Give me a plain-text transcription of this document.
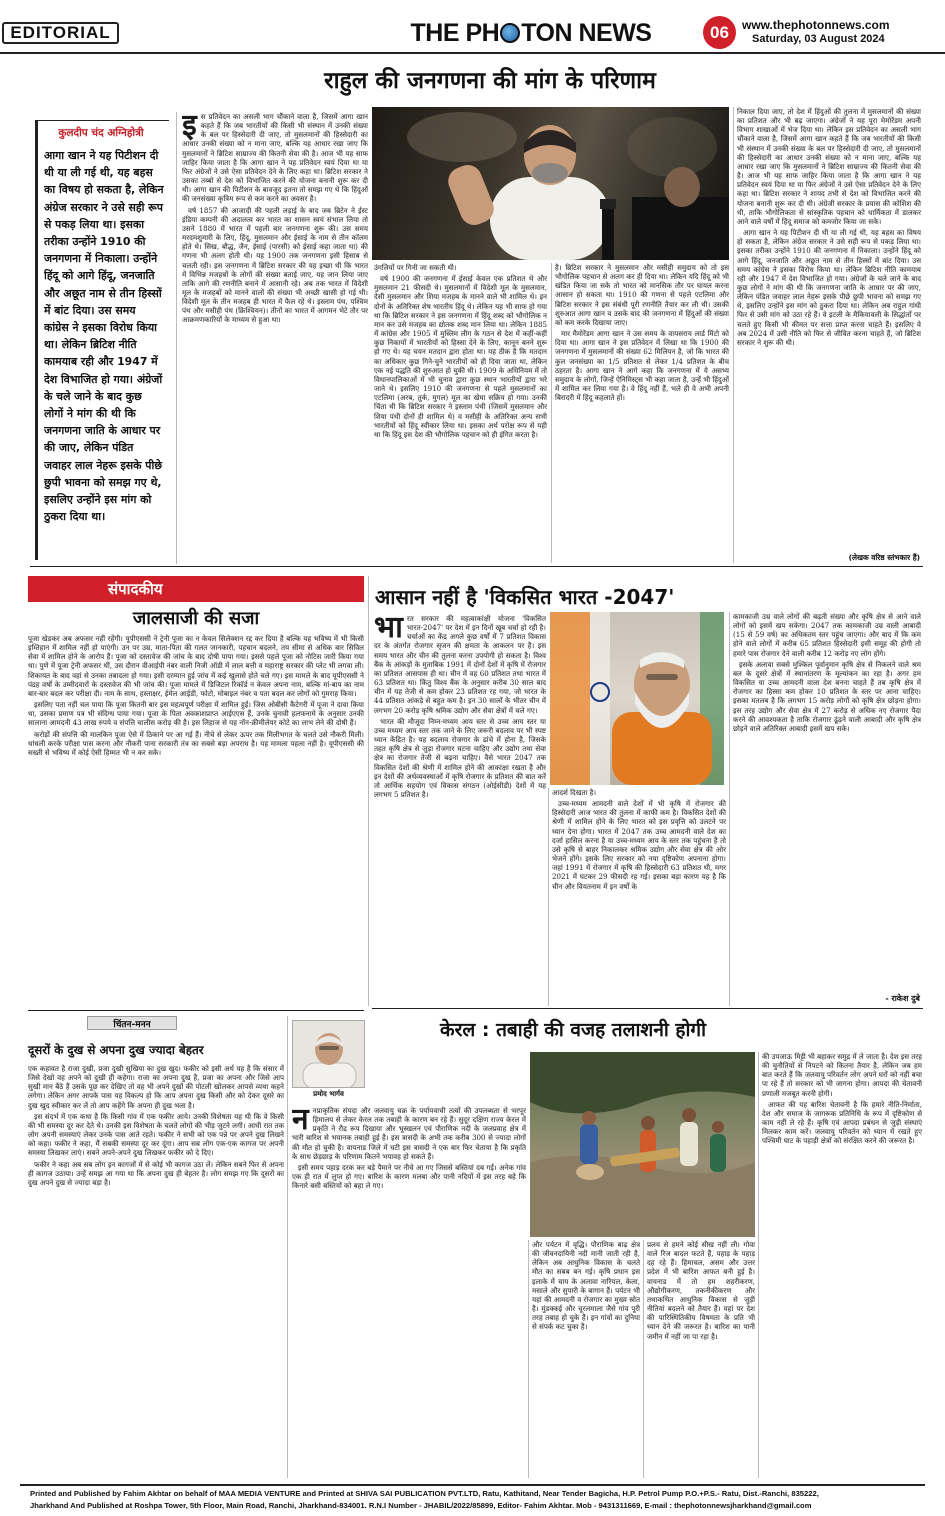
EDITORIAL	THE PH TON NEWS	06 www.thephotonnews.com
Saturday, 03 August 2024
राहुल की जनगणना की मांग के परिणाम
कुलदीप चंद अग्निहोत्री
आगा खान ने यह पिटीशन दी थी या ली गई थी, यह बहस का विषय हो सकता है, लेकिन अंग्रेज सरकार ने उसे सही रूप से पकड़ लिया था। इसका तरीका उन्होंने 1910 की जनगणना में निकाला। उन्होंने हिंदू को आगे हिंदू, जनजाति और अछूत नाम से तीन हिस्सों में बांट दिया। उस समय कांग्रेस ने इसका विरोध किया था। लेकिन ब्रिटिश नीति कामयाब रही और 1947 में देश विभाजित हो गया। अंग्रेजों के चले जाने के बाद कुछ लोगों ने मांग की थी कि जनगणना जाति के आधार पर की जाए, लेकिन पंडित जवाहर लाल नेहरू इसके पीछे छुपी भावना को समझ गए थे, इसलिए उन्होंने इस मांग को ठुकरा दिया था।
इ स प्रतिवेदन का असली भाग चौंकाने वाला है, जिसमें आगा खान कहते हैं कि जब भारतीयों की किसी भी संस्थान में उनकी संख्या के बल पर हिस्सेदारी दी जाए, तो मुसलमानों की हिस्सेदारी का आधार उनकी संख्या को न माना जाए, बल्कि यह आधार रखा जाए कि मुसलमानों ने ब्रिटिश साम्राज्य की कितनी सेवा की है। आज भी यह साफ जाहिर किया जाता है कि आगा खान ने यह प्रतिवेदन स्वयं दिया था या फिर अंग्रेजों ने उसे ऐसा प्रतिवेदन देने के लिए कहा था। ब्रिटिश सरकार ने उसका तब्बो से देश को विभाजित करने की योजना बनानी शुरू कर दी थी। आगा खान की पिटीशन के बावजूद इतना तो समझ गए थे कि हिंदुओं की जनसंख्या कृत्रिम रूप से कम करने का अवसर है।

वर्ष 1857 की आजादी की पहली लड़ाई के बाद जब ब्रिटेन ने ईस्ट इंडिया कम्पनी की अदालत्व कर भारत का शासन स्वयं संभाल लिया तो उसने 1880 में भारत में पहली बार जनगणना शुरू की। उस समय मरदमशुमारी के लिए, हिंदू, मुसलमान और ईसाई के नाम से तीन कॉलम होते थे। सिख, बौद्ध, जैन, ईसाई (पारसी) को ईसाई कहा जाता था) की गणना भी अलग होती थी। यह 1900 तक जनगणना इसी हिसाब से चलती रही। इस जनगणना में ब्रिटिश सरकार की यह इच्छा थी कि भारत में विभिन्न मजहबों के लोगों की संख्या बताई जाए, यह जान लिया जाए ताकि आगे की रणनीति बनाने में आसानी रहे। अब तक भारत में विदेशी मूल के मजहबों को मानने वालों की संख्या भी अच्छी खासी हो गई थी। विदेशी मूल के तीन मजहब ही भारत में फैल रहे थे। इस्लाम पंथ, पश्चिम पंथ और मसीही पंथ (क्रिश्चियन)। तीनों का भारत में आगमन भेटे तौर पर आक्रमणकारियों के माध्यम से हुआ था।

उंगलियों पर गिनी जा सकती थी।

वर्ष 1900 की जनगणना में ईसाई केवल एक प्रतिशत थे और मुसलमान 21 फीसदी थे। मुसलमानों में विदेशी मूल के मुसलमान, देसी मुसलमान और शिया मजहब के मानने वाले भी शामिल थे। इन दोनों के अतिरिक्त शेष भारतीय हिंदू थे। लेकिन यह भी साफ हो गया था कि ब्रिटिश सरकार ने इस जनगणना में हिंदू शब्द को भौगोलिक न मान कर उसे मजहब का द्योतक शब्द मान लिया था। लेकिन 1885 में कांग्रेस और 1905 में मुस्लिम लीग के गठन से देश में कहीं-कहीं कुछ निकायों में भारतीयों को हिस्सा देने के लिए, कानून बनने शुरू हो गए थे। यह चयन मतदान द्वारा होता था। यह ठीक है कि मतदान का अधिकार कुछ गिने-चुने भारतीयों को ही दिया जाता था, लेकिन एक नई पद्धति की शुरुआत हो चुकी थी। 1909 के अधिनियम में तो विधानपालिकाओं में भी चुनाव द्वारा कुछ स्थान भारतीयों द्वारा भरे जाने थे। इसलिए 1910 की जनगणना से पहले मुसलमानों का एटलिमा (अरब, तुर्क, मुगल) मूल का खेमा सक्रिय हो गया। उनकी चिंता थी कि ब्रिटिश सरकार ने इस्लाम पंथी (जिसमें मुसलमान और शिया पंथी दोनों ही शामिल थे) व मसीही के अतिरिक्त अन्य सभी भारतीयों को हिंदू स्वीकार लिया था। इसका अर्थ परोक्ष रूप से यही था कि हिंदू इस देश की भौगोलिक पहचान को ही इंगित करता है।

है। ब्रिटिश सरकार ने मुसलमान और मसीही समुदाय को तो इस भौगोलिक पहचान से अलग कर ही दिया था। लेकिन यदि हिंदू को भी खंडित किया जा सके तो भारत को मानसिक तौर पर घायल करना आसान हो सकता था। 1910 की गणना से पहले एटलिमा और ब्रिटिश सरकार ने इस संबंधी पूरी रणनीति तैयार कर ली थी। उसकी शुरुआत आगा खान व उसके बाद की जनगणना में हिंदुओं की संख्या को कम करके दिखाया जाए।

मार मैमोरेंडम आगा खान ने उस समय के वायसराय लार्ड मिंटो को दिया था। आगा खान ने इस प्रतिवेदन में लिखा था कि 1900 की जनगणना में मुसलमानों की संख्या 62 मिलियन है, जो कि भारत की कुल जनसंख्या का 1/5 प्रतिशत से लेकर 1/4 प्रतिशत के बीच ठहरता है। आगा खान ने आगे कहा कि जनगणना में ये असभ्य समुदाय के लोगों, जिन्हें ऐनिमिस्ट्स भी कहा जाता है, उन्हें भी हिंदुओं में शामिल कर लिया गया है। वे हिंदू नहीं हैं, भले ही वे अभी अपनी बिरादरी में हिंदू कहलाते हों।

निकाल दिया जाए, तो देश में हिंदुओं की तुलना में मुसलमानों की संख्या का प्रतिशत और भी बढ़ जाएगा। अंग्रेजों ने यह पूरा मेमोरेंडम अपनी विभाग शाखाओं में भेज दिया था। लेकिन इस प्रतिवेदन का असली भाग चौंकाने वाला है, जिसमें आगा खान कहते हैं कि जब भारतीयों की किसी भी संस्थान में उनकी संख्या के बल पर हिस्सेदारी दी जाए, तो मुसलमानों की हिस्सेदारी का आधार उनकी संख्या को न माना जाए, बल्कि यह आधार रखा जाए कि मुसलमानों ने ब्रिटिश साम्राज्य की कितनी सेवा की है। आज भी यह साफ जाहिर किया जाता है कि आगा खान ने यह प्रतिवेदन स्वयं दिया था या फिर अंग्रेजों ने उसे ऐसा प्रतिवेदन देने के लिए कहा था। ब्रिटिश सरकार ने शायद तभी से देश को विभाजित करने की योजना बनानी शुरू कर दी थी। अंग्रेजी सरकार के प्रयास की कोशिश की थी, ताकि भौगोलिकता से सांस्कृतिक पहचान को धार्मिकता में डालकर आने वाले वर्षों में हिंदू समाज को कमजोर किया जा सके।

आगा खान ने यह पिटीशन दी थी या ली गई थी, यह बहस का विषय हो सकता है, लेकिन अंग्रेज सरकार ने उसे सही रूप से पकड़ लिया था। इसका तरीका उन्होंने 1910 की जनगणना में निकाला। उन्होंने हिंदू को आगे हिंदू, जनजाति और अछूत नाम से तीन हिस्सों में बांट दिया। उस समय कांग्रेस ने इसका विरोध किया था। लेकिन ब्रिटिश नीति कामयाब रही और 1947 में देश विभाजित हो गया। अंग्रेजों के चले जाने के बाद कुछ लोगों ने मांग की थी कि जनगणना जाति के आधार पर की जाए, लेकिन पंडित जवाहर लाल नेहरू इसके पीछे छुपी भावना को समझ गए थे, इसलिए उन्होंने इस मांग को ठुकरा दिया था। लेकिन अब राहुल गांधी फिर से उसी मांग को उठा रहे हैं। वे इटली के मैकियावली के सिद्धांतों पर चलते हुए किसी भी कीमत पर सत्ता प्राप्त करना चाहते हैं। इसलिए वे अब 2024 में उसी नीति को फिर से जीवित करना चाहते हैं, जो ब्रिटिश सरकार ने शुरू की थी।

(लेखक वरिष्ठ स्तंभकार हैं)
संपादकीय
जालसाजी की सजा

पूजा खेडकर अब अफसर नहीं रहेंगी। यूपीएससी ने ट्रेनी पूजा का न केवल सिलेक्शन रद्द कर दिया है बल्कि यह भविष्य में भी किसी इम्तिहान में शामिल नहीं हो पाएंगी। उन पर उम्र, माता-पिता की गलत जानकारी, पहचान बदलने, तय सीमा से अधिक बार सिविल सेवा में शामिल होने के आरोप हैं। पूजा को दस्तावेज की जांच के बाद दोषी पाया गया। इससे पहले पूजा को नोटिस जारी किया गया था। पुणे में पूजा ट्रेनी अफसर थीं, उस दौरान वीआईपी नंबर वाली निजी ऑडी में लाल बत्ती व महाराष्ट्र सरकार की प्लेट भी लगवा ली। शिकायत के बाद वहां से उनका तबादला हो गया। इसी दरम्यान हुई जांच में कई खुलासे होते चले गए। इस मामले के बाद यूपीएससी ने पंद्रह वर्षों के उम्मीदवारों के दस्तावेज की भी जांच की। पूजा मामले में डिजिटल रिकॉर्ड न केवल अपना नाम, बल्कि मां-बाप का नाम बार-बार बदल कर परीक्षा दी। नाम के साथ, हस्ताक्षर, ईमेल आईडी, फोटो, मोबाइल नंबर व पता बदल कर लोगों को गुमराह किया।

इसलिए पता नहीं चल पाया कि पूजा कितनी बार इस महत्वपूर्ण परीक्षा में शामिल हुईं। जिस ओबीसी कैटेगरी में पूजा ने दावा किया था, उसका प्रमाण पत्र भी संदिग्ध पाया गया। पूजा के पिता अवकाशप्राप्त आईएएस हैं, उनके चुनावी हलफनामे के अनुसार उनकी सालाना आमदनी 43 लाख रुपये व संपत्ति चालीस करोड़ की है। इस लिहाज से यह नॉन-क्रीमीलेयर कोटे का लाभ लेने की दोषी हैं।

करोड़ों की संपत्ति की मालकिन पूजा ऐसे में ठिकाने पर आ गई हैं। नीचे से लेकर ऊपर तक मिलीभगत के चलते उसे नौकरी मिली। धांधली करके परीक्षा पास करना और नौकरी पाना सरकारी तंत्र का सबसे बड़ा अपराध है। यह मामला पहला नहीं है। यूपीएससी की सख्ती से भविष्य में कोई ऐसी हिम्मत भी न कर सके।

चिंतन-मनन
दूसरों के दुख से अपना दुख ज्यादा बेहतर

एक कहावत है राजा दुखी, प्रजा दुखी सुखिया का दुख खुद। फकीर को इसी अर्थ यह है कि संसार में जिसे देखो वह अपने को दुखी ही कहेगा। राजा का अपना दुख है, प्रजा का अपना और जिसे आप सुखी मान बैठे हैं उसके पूछ कर देखिए तो वह भी अपने दुखों की पोटली खोलकर आपसे व्यथा कहने लगेगा। लेकिन अगर आपके पास यह विकल्प हो कि आप अपना दुख किसी और को देकर दूसरे का दुख खुद स्वीकार कर लें तो आप कहेंगे कि अपना ही दुख भला है।

इस संदर्भ में एक कथा है कि किसी गांव में एक फकीर आये। उनकी विशेषता यह थी कि वे किसी की भी समस्या दूर कर देते थे। उनकी इस विशेषता के चलते लोगों की भीड़ जुटने लगी। आधी रात तक लोग अपनी समस्याएं लेकर उनके पास आते रहते। फकीर ने सभी को एक पन्ने पर अपने दुख लिखने को कहा। फकीर ने कहा, मैं सबकी समस्या दूर कर दूंगा। आप सब लोग एक-एक कागज पर अपनी समस्या लिखकर लाएं। सबने अपने-अपने दुख लिखकर फकीर को दे दिए।

फकीर ने कहा अब सब लोग इन कागजों में से कोई भी कागज उठा लें। लेकिन सबने फिर से अपना ही कागज उठाया। उन्हें समझ आ गया था कि अपना दुख ही बेहतर है। लोग समझ गए कि दूसरों का दुख अपने दुख से ज्यादा बड़ा है।

प्रमोद भार्गव
आसान नहीं है 'विकसित भारत -2047'
भा रत सरकार की महत्वाकांक्षी योजना 'विकसित भारत-2047' पर देश में इन दिनों खूब चर्चा हो रही है। चर्चाओं का केंद्र अगले कुछ वर्षों में 7 प्रतिशत विकास दर के अंतर्गत रोजगार सृजन की क्षमता के आकलन पर है। इस समय भारत और चीन की तुलना करना उपयोगी हो सकता है। विश्व बैंक के आंकड़ों के मुताबिक 1991 में दोनों देशों में कृषि में रोजगार का प्रतिशत आसपास ही था। चीन में वह 60 प्रतिशत तथा भारत में 63 प्रतिशत था। किंतु विश्व बैंक के अनुसार करीब 30 साल बाद चीन में यह तेजी से कम होकर 23 प्रतिशत रह गया, जो भारत के 44 प्रतिशत आंकड़े से बहुत कम है। इन 30 सालों के भीतर चीन में लगभग 20 करोड़ कृषि श्रमिक उद्योग और सेवा क्षेत्रों में चले गए।

भारत की मौजूदा निम्न-मध्यम आय स्तर से उच्च आय स्तर या उच्च मध्यम आय स्तर तक जाने के लिए जरूरी बदलाव पर भी स्पष्ट ध्यान केंद्रित है। यह बदलाव रोजगार के ढांचे में होना है, जिसके तहत कृषि क्षेत्र से जुड़ा रोजगार घटना चाहिए और उद्योग तथा सेवा क्षेत्र का रोजगार तेजी से बढ़ना चाहिए। वैसे भारत 2047 तक विकसित देशों की श्रेणी में शामिल होने की आकांक्षा रखता है और इन देशों की अर्थव्यवस्थाओं में कृषि रोजगार के प्रतिशत की बात करें तो आर्थिक सहयोग एवं विकास संगठन (ओईसीडी) देशों में यह लगभग 5 प्रतिशत है।	आदर्श दिखता है।

उच्च-मध्यम आमदनी वाले देशों में भी कृषि में रोजगार की हिस्सेदारी आज भारत की तुलना में काफी कम है। विकसित देशों की श्रेणी में शामिल होने के लिए भारत को इस प्रवृत्ति को उलटने पर ध्यान देना होगा। भारत में 2047 तक उच्च आमदनी वाले देश का दर्जा हासिल करना है या उच्च-मध्यम आय के स्तर तक पहुंचना है तो उसे कृषि से बाहर निकालकर श्रमिक उद्योग और सेवा क्षेत्र की ओर भेजने होंगे। इसके लिए सरकार को नया दृष्टिकोण अपनाना होगा। जहां 1991 में रोजगार में कृषि की हिस्सेदारी 63 प्रतिशत थी, मगर 2021 में घटकर 29 फीसदी रह गई। इसका बड़ा कारण यह है कि चीन और वियतनाम में इन वर्षों के

कामकाजी उम्र वाले लोगों की बढ़ती संख्या और कृषि क्षेत्र से आने वाले लोगों को इसमें खप सकेगा। 2047 तक कामकाजी उम्र वाली आबादी (15 से 59 वर्ष) का अधिकतम स्तर पहुंच जाएगा। और बाद में कि कम होने वाले लोगों में करीब 65 प्रतिशत हिस्सेदारी इसी समूह की होगी तो हमारे पास रोजगार देने वाली करीब 12 करोड़ नए लोग होंगे।

इसके अलावा सबसे मुश्किल पूर्वानुमान कृषि क्षेत्र से निकलने वाले श्रम बल के दूसरे क्षेत्रों में स्थानांतरण के मूल्यांकन का रहा है। अगर हम विकसित या उच्च आमदनी वाला देश बनना चाहते हैं तब कृषि क्षेत्र में रोजगार का हिस्सा कम होकर 10 प्रतिशत के स्तर पर आना चाहिए। इसका मतलब है कि लगभग 15 करोड़ लोगों को कृषि क्षेत्र छोड़ना होगा। इस तरह उद्योग और सेवा क्षेत्र में 27 करोड़ से अधिक नए रोजगार पैदा करने की आवश्यकता है ताकि रोजगार ढूंढ़ने वाली आबादी और कृषि क्षेत्र छोड़ने वाले अतिरिक्त आबादी इसमें खप सके।

- राकेश दुबे

केरल : तबाही की वजह तलाशनी होगी
न नप्राकृतिक संपदा और जलवायु चक्र के पर्यायवाची तत्वों की उपलब्धता से भरपूर हिमालय से लेकर केरल तक तबाही के कारण बन रहे हैं। सुदूर दक्षिण राज्य केरल में प्रकृति ने रौद्र रूप दिखाया और भूस्खलन एवं पौराणिक नदी के जलप्रवाह क्षेत्र में भारी बारिश से भयानक तबाही हुई है। इस त्रासदी के अभी तक करीब 300 से ज्यादा लोगों की मौत हो चुकी है। वायनाड जिले में घटी इस त्रासदी ने एक बार फिर चेताया है कि प्रकृति के साथ छेड़छाड़ के परिणाम कितने भयावह हो सकते हैं।

इसी समय पहाड़ दरक कर बड़े पैमाने पर नीचे आ गए जिससे बस्तियां दब गईं। अनेक गांव एक ही रात में लुप्त हो गए। बारिश के कारण मलबा और पानी नदियों में इस तरह बहे कि किनारे बसी बस्तियों को बहा ले गए।

और पर्यटन में वृद्धि। पौराणिक बाढ़ क्षेत्र की जीवनदायिनी नदी मानी जाती रही है, लेकिन अब आधुनिक विकास के चलते मौत का सबब बन गई। कृषि प्रधान इस इलाके में चाय के अलावा नारियल, केला, मसाले और सुपारी के बागान हैं। पर्यटन भी यहां की आमदनी व रोजगार का मुख्य स्रोत है। मुंडक्कई और चूरलमाला जैसे गांव पूरी तरह तबाह हो चुके हैं। इन गांवों का दुनिया से संपर्क कट चुका है।

प्रलय से हमने कोई सीख नहीं ली। गोवा वाले रिज बादल फटते हैं, पहाड़ के पहाड़ दह रहे हैं। हिमाचल, असम और उत्तर प्रदेश में भी बारिश आफत बनी हुई है। वायनाड में तो हम शहरीकरण, औद्योगीकरण, तकनीकीकरण और तथाकथित आधुनिक विकास से जुड़ी नीतियां बदलने को तैयार हैं। यहां पर देश की पारिस्थितिकीय विषमता के प्रति भी ध्यान देने की जरूरत है। बारिश का पानी जमीन में नहीं जा पा रहा है।

की उपजाऊ मिट्टी भी बहाकर समुद्र में ले जाता है। देश इस तरह की चुनौतियों से निपटने को कितना तैयार है, लेकिन जब हम बात करते हैं कि जलवायु परिवर्तन लोग अपने घरों को नहीं बचा पा रहे हैं तो सरकार को भी जागना होगा। आपदा की चेतावनी प्रणाली मजबूत करनी होगी।

आफत की यह बारिश चेतावनी है कि हमारे नीति-निर्माता, देश और समाज के जागरूक प्रतिनिधि के रूप में दृष्टिकोण से काम नहीं ले रहे हैं। कृषि एवं आपदा प्रबंधन से जुड़ी संस्थाएं मिलकर काम करें। जलवायु परिवर्तन को ध्यान में रखते हुए पश्चिमी घाट के पहाड़ी क्षेत्रों को संरक्षित करने की जरूरत है।

Printed and Published by Fahim Akhtar on behalf of MAA MEDIA VENTURE and Printed at SHIVA SAI PUBLICATION PVT.LTD, Ratu, Kathitand, Near Tender Bagicha, H.P. Petrol Pump P.O.+P.S.- Ratu, Dist.-Ranchi, 835222,
Jharkhand And Published at Roshpa Tower, 5th Floor, Main Road, Ranchi, Jharkhand-834001. R.N.I Number - JHABIL/2022/85899, Editor- Fahim Akhtar. Mob - 9431311669, E-mail : thephotonnewsjharkhand@gmail.com
